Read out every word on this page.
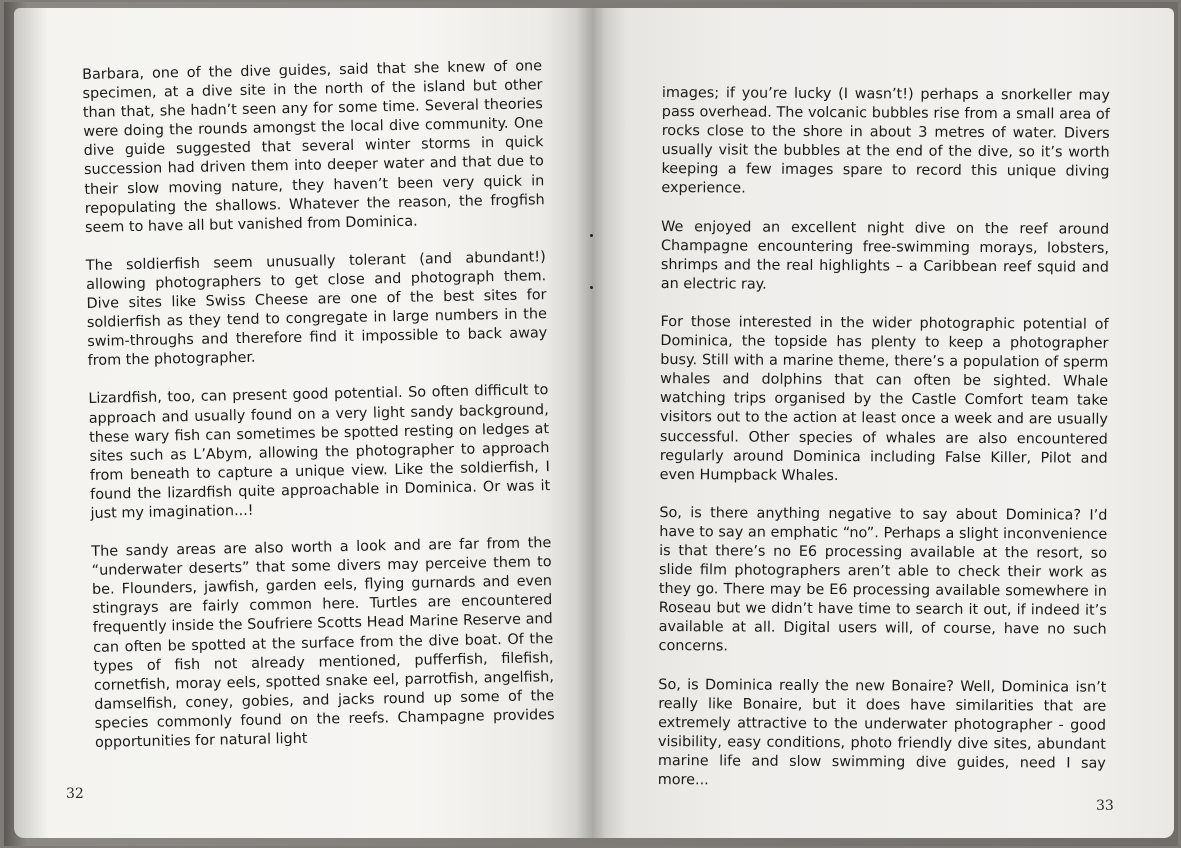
Barbara, one of the dive guides, said that she knew of one specimen, at a dive site in the north of the island but other than that, she hadn’t seen any for some time. Several theories were doing the rounds amongst the local dive community. One dive guide suggested that several winter storms in quick succession had driven them into deeper water and that due to their slow moving nature, they haven’t been very quick in repopulating the shallows. Whatever the reason, the frogfish seem to have all but vanished from Dominica.

The soldierfish seem unusually tolerant (and abundant!) allowing photographers to get close and photograph them. Dive sites like Swiss Cheese are one of the best sites for soldierfish as they tend to congregate in large numbers in the swim-throughs and therefore find it impossible to back away from the photographer.

Lizardfish, too, can present good potential. So often difficult to approach and usually found on a very light sandy background, these wary fish can sometimes be spotted resting on ledges at sites such as L’Abym, allowing the photographer to approach from beneath to capture a unique view. Like the soldierfish, I found the lizardfish quite approachable in Dominica. Or was it just my imagination...!

The sandy areas are also worth a look and are far from the “underwater deserts” that some divers may perceive them to be. Flounders, jawfish, garden eels, flying gurnards and even stingrays are fairly common here. Turtles are encountered frequently inside the Soufriere Scotts Head Marine Reserve and can often be spotted at the surface from the dive boat. Of the types of fish not already mentioned, pufferfish, filefish, cornetfish, moray eels, spotted snake eel, parrotfish, angelfish, damselfish, coney, gobies, and jacks round up some of the species commonly found on the reefs. Champagne provides opportunities for natural light

32

images; if you’re lucky (I wasn’t!) perhaps a snorkeller may pass overhead. The volcanic bubbles rise from a small area of rocks close to the shore in about 3 metres of water. Divers usually visit the bubbles at the end of the dive, so it’s worth keeping a few images spare to record this unique diving experience.

We enjoyed an excellent night dive on the reef around Champagne encountering free-swimming morays, lobsters, shrimps and the real highlights – a Caribbean reef squid and an electric ray.

For those interested in the wider photographic potential of Dominica, the topside has plenty to keep a photographer busy. Still with a marine theme, there’s a population of sperm whales and dolphins that can often be sighted. Whale watching trips organised by the Castle Comfort team take visitors out to the action at least once a week and are usually successful. Other species of whales are also encountered regularly around Dominica including False Killer, Pilot and even Humpback Whales.

So, is there anything negative to say about Dominica? I’d have to say an emphatic “no”. Perhaps a slight inconvenience is that there’s no E6 processing available at the resort, so slide film photographers aren’t able to check their work as they go. There may be E6 processing available somewhere in Roseau but we didn’t have time to search it out, if indeed it’s available at all. Digital users will, of course, have no such concerns.

So, is Dominica really the new Bonaire? Well, Dominica isn’t really like Bonaire, but it does have similarities that are extremely attractive to the underwater photographer - good visibility, easy conditions, photo friendly dive sites, abundant marine life and slow swimming dive guides, need I say more...

33
